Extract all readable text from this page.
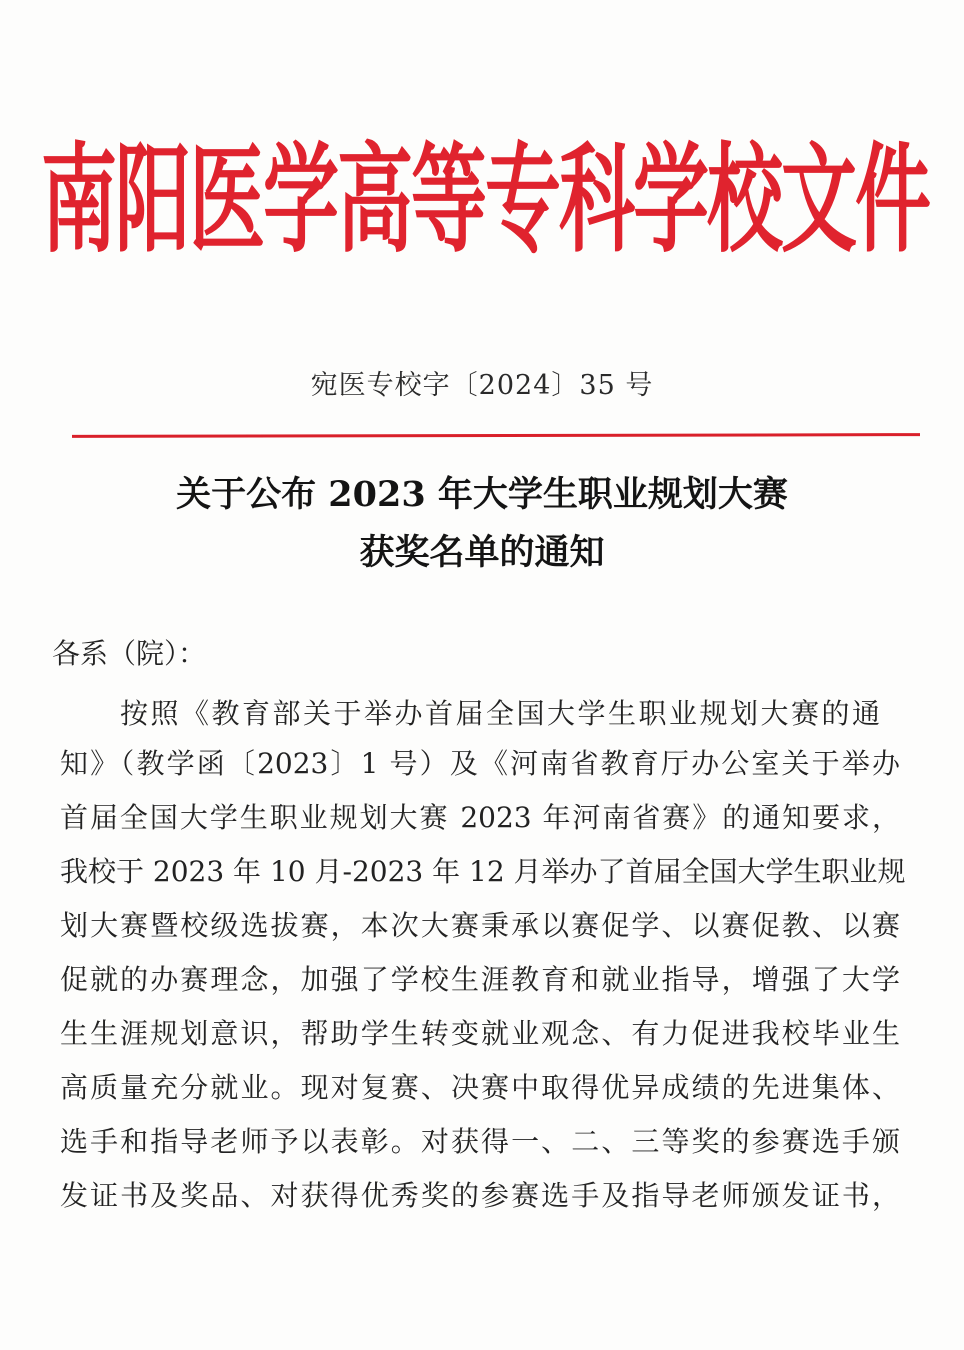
南阳医学高等专科学校文件
宛医专校字〔2024〕35 号
关于公布 2023 年大学生职业规划大赛
获奖名单的通知
各系（院）：
按照《教育部关于举办首届全国大学生职业规划大赛的通
知》（教学函〔2023〕1 号）及《河南省教育厅办公室关于举办
首届全国大学生职业规划大赛 2023 年河南省赛》的通知要求，
我校于 2023 年 10 月-2023 年 12 月举办了首届全国大学生职业规
划大赛暨校级选拔赛，本次大赛秉承以赛促学、以赛促教、以赛
促就的办赛理念，加强了学校生涯教育和就业指导，增强了大学
生生涯规划意识，帮助学生转变就业观念、有力促进我校毕业生
高质量充分就业。现对复赛、决赛中取得优异成绩的先进集体、
选手和指导老师予以表彰。对获得一、二、三等奖的参赛选手颁
发证书及奖品、对获得优秀奖的参赛选手及指导老师颁发证书，
